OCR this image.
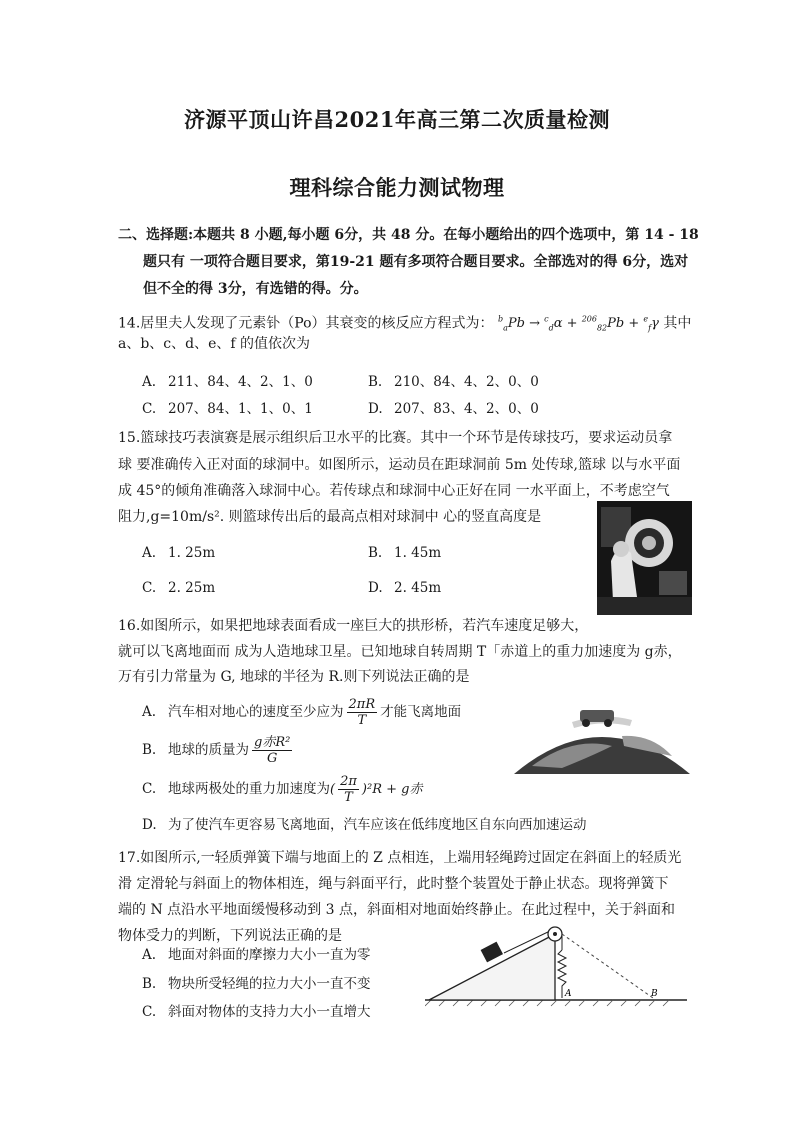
济源平顶山许昌2021年高三第二次质量检测
理科综合能力测试物理
二、选择题:本题共 8 小题,每小题 6分，共 48 分。在每小题给出的四个选项中，第 14 - 18
题只有 一项符合题目要求，第19-21 题有多项符合题目要求。全部选对的得 6分，选对
但不全的得 3分，有选错的得。分。
14.居里夫人发现了元素钋（Po）其衰变的核反应方程式为： $^b_a$Pb → $^c_d$α + $^{206}_{82}$Pb + $^e_f$γ 其中
a、b、c、d、e、f 的值依次为
A. 211、84、4、2、1、0	B. 210、84、4、2、0、0
C. 207、84、1、1、0、1	D. 207、83、4、2、0、0
15.篮球技巧表演赛是展示组织后卫水平的比赛。其中一个环节是传球技巧，要求运动员拿
球 要准确传入正对面的球洞中。如图所示，运动员在距球洞前 5m 处传球,篮球 以与水平面
成 45°的倾角准确落入球洞中心。若传球点和球洞中心正好在同 一水平面上，不考虑空气
阻力,g=10m/s². 则篮球传出后的最高点相对球洞中 心的竖直高度是
A. 1. 25m	B. 1. 45m
C. 2. 25m	D. 2. 45m
16.如图所示，如果把地球表面看成一座巨大的拱形桥，若汽车速度足够大，
就可以飞离地面而 成为人造地球卫星。已知地球自转周期 T「赤道上的重力加速度为 g赤，
万有引力常量为 G, 地球的半径为 R.则下列说法正确的是
A. 汽车相对地心的速度至少应为 $\frac{2\pi R}{T}$ 才能飞离地面
B. 地球的质量为 $\frac{\text{g赤R²}}{G}$
C. 地球两极处的重力加速度为( $\frac{2\pi}{T} )^2R + g$赤
D. 为了使汽车更容易飞离地面，汽车应该在低纬度地区自东向西加速运动
17.如图所示,一轻质弹簧下端与地面上的 Z 点相连，上端用轻绳跨过固定在斜面上的轻质光
滑 定滑轮与斜面上的物体相连，绳与斜面平行，此时整个装置处于静止状态。现将弹簧下
端的 N 点沿水平地面缓慢移动到 3 点，斜面相对地面始终静止。在此过程中，关于斜面和
物体受力的判断，下列说法正确的是
A. 地面对斜面的摩擦力大小一直为零
B. 物块所受轻绳的拉力大小一直不变
C. 斜面对物体的支持力大小一直增大
A	B
